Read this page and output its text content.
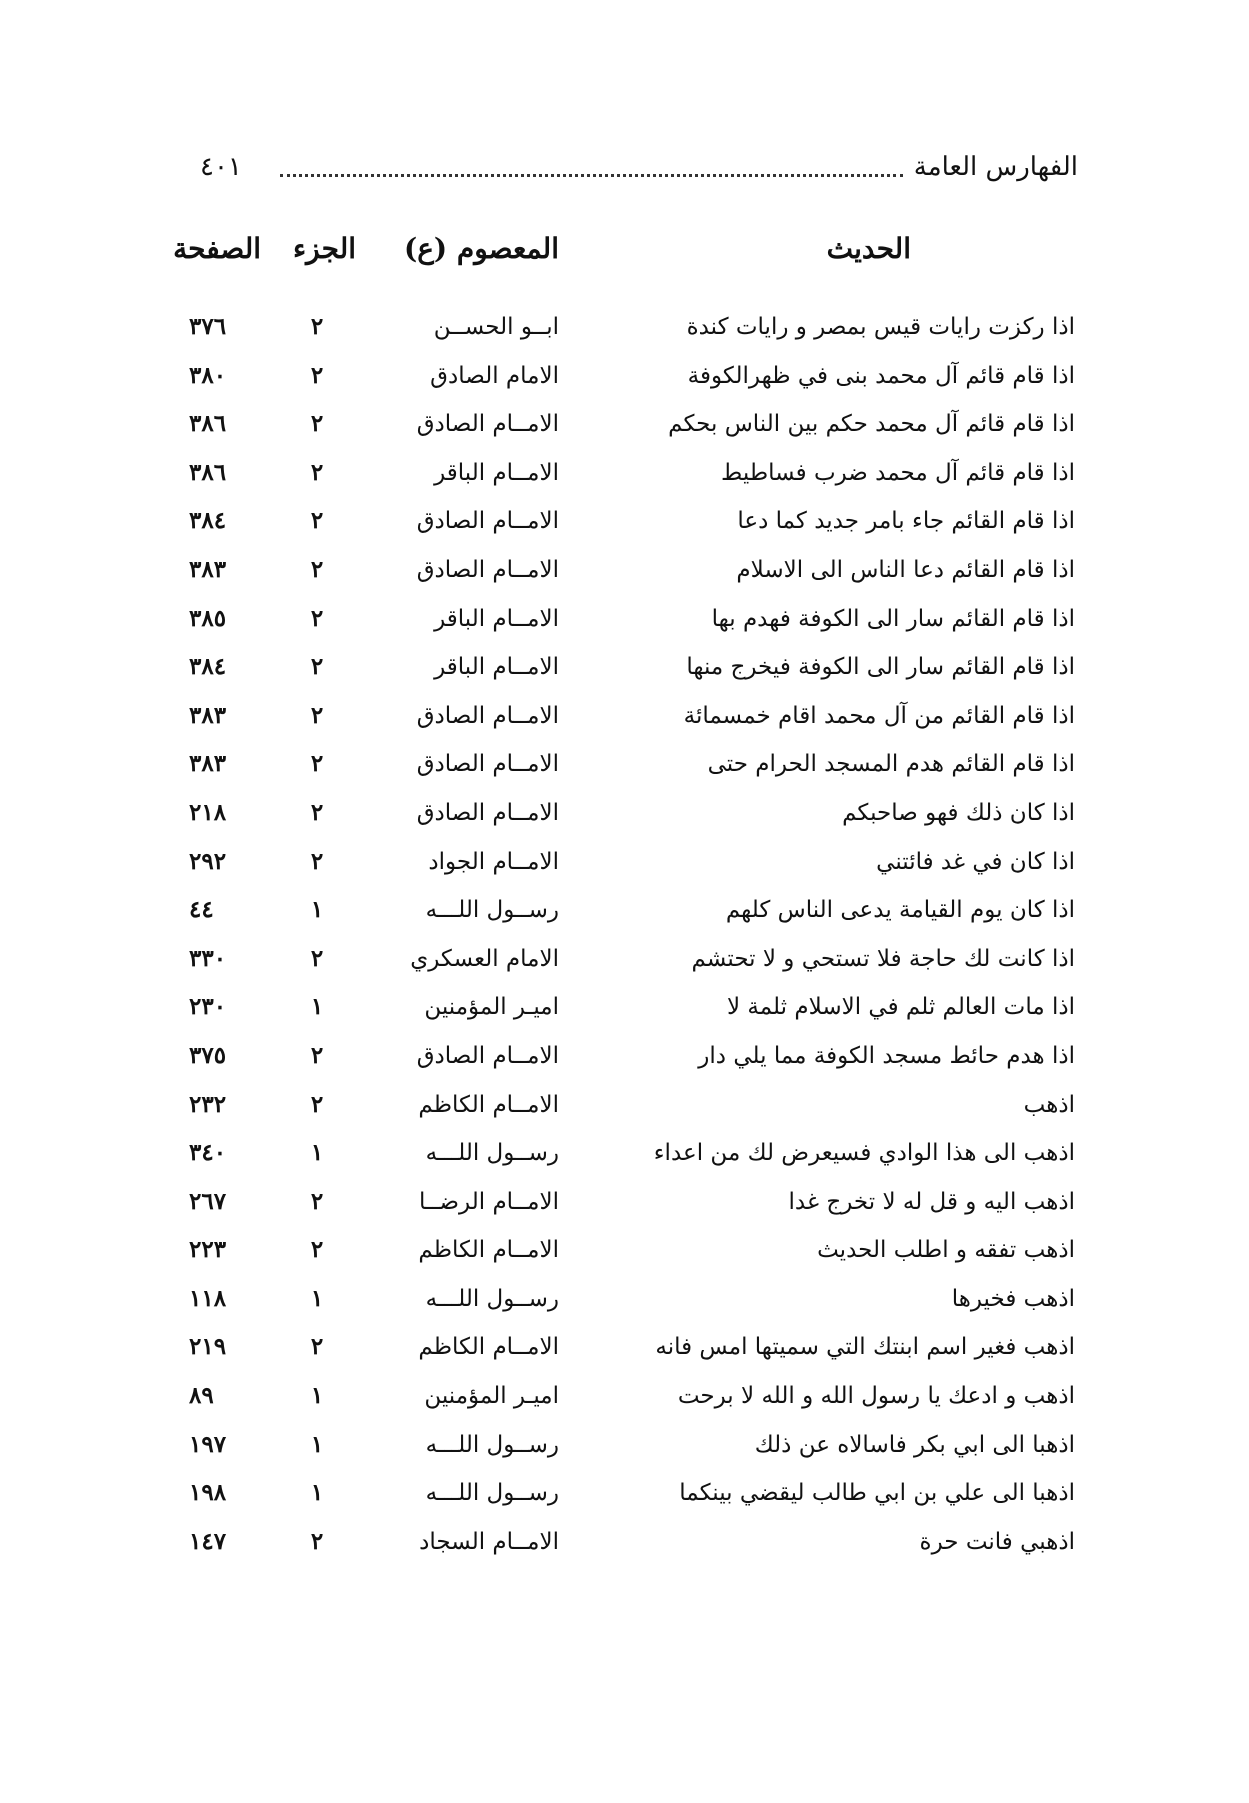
الفهارس العامة
٤٠١
الحديث
المعصوم (ع)
الجزء
الصفحة
اذا ركزت رايات قيس بمصر و رايات كندة
ابــو الحســن
٢
٣٧٦
اذا قام قائم آل محمد بنى في ظهرالكوفة
الامام الصادق
٢
٣٨٠
اذا قام قائم آل محمد حكم بين الناس بحكم
الامــام الصادق
٢
٣٨٦
اذا قام قائم آل محمد ضرب فساطيط
الامــام الباقر
٢
٣٨٦
اذا قام القائم جاء بامر جديد كما دعا
الامــام الصادق
٢
٣٨٤
اذا قام القائم دعا الناس الى الاسلام
الامــام الصادق
٢
٣٨٣
اذا قام القائم سار الى الكوفة فهدم بها
الامــام الباقر
٢
٣٨٥
اذا قام القائم سار الى الكوفة فيخرج منها
الامــام الباقر
٢
٣٨٤
اذا قام القائم من آل محمد اقام خمسمائة
الامــام الصادق
٢
٣٨٣
اذا قام القائم هدم المسجد الحرام حتى
الامــام الصادق
٢
٣٨٣
اذا كان ذلك فهو صاحبكم
الامــام الصادق
٢
٢١٨
اذا كان في غد فائتني
الامــام الجواد
٢
٢٩٢
اذا كان يوم القيامة يدعى الناس كلهم
رســول اللـــه
١
٤٤
اذا كانت لك حاجة فلا تستحي و لا تحتشم
الامام العسكري
٢
٣٣٠
اذا مات العالم ثلم في الاسلام ثلمة لا
اميـر المؤمنين
١
٢٣٠
اذا هدم حائط مسجد الكوفة مما يلي دار
الامــام الصادق
٢
٣٧٥
اذهب
الامــام الكاظم
٢
٢٣٢
اذهب الى هذا الوادي فسيعرض لك من اعداء
رســول اللـــه
١
٣٤٠
اذهب اليه و قل له لا تخرج غدا
الامــام الرضــا
٢
٢٦٧
اذهب تفقه و اطلب الحديث
الامــام الكاظم
٢
٢٢٣
اذهب فخيرها
رســول اللـــه
١
١١٨
اذهب فغير اسم ابنتك التي سميتها امس فانه
الامــام الكاظم
٢
٢١٩
اذهب و ادعك يا رسول الله و الله لا برحت
اميـر المؤمنين
١
٨٩
اذهبا الى ابي بكر فاسالاه عن ذلك
رســول اللـــه
١
١٩٧
اذهبا الى علي بن ابي طالب ليقضي بينكما
رســول اللـــه
١
١٩٨
اذهبي فانت حرة
الامــام السجاد
٢
١٤٧
